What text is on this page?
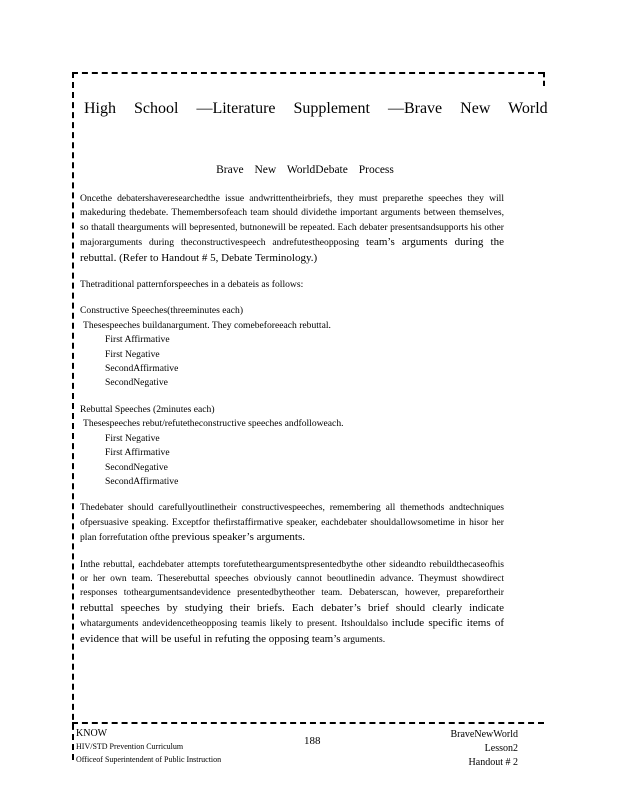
High School —Literature Supplement —Brave New World
Brave New WorldDebate Process

Oncethe debatershaveresearchedthe issue andwrittentheirbriefs, they must preparethe speeches they will makeduring thedebate. Themembersofeach team should dividethe important arguments between themselves, so thatall thearguments will bepresented, butnonewill be repeated. Each debater presentsandsupports his other majorarguments during theconstructivespeech andrefutestheopposing team’s arguments during the rebuttal. (Refer to Handout # 5, Debate Terminology.)

Thetraditional patternforspeeches in a debateis as follows:

Constructive Speeches(threeminutes each)
Thesespeeches buildanargument. They comebeforeeach rebuttal.
First Affirmative
First Negative
SecondAffirmative
SecondNegative
Rebuttal Speeches (2minutes each)
Thesespeeches rebut/refutetheconstructive speeches andfolloweach.
First Negative
First Affirmative
SecondNegative
SecondAffirmative

Thedebater should carefullyoutlinetheir constructivespeeches, remembering all themethods andtechniques ofpersuasive speaking. Exceptfor thefirstaffirmative speaker, eachdebater shouldallowsometime in hisor her plan forrefutation ofthe previous speaker’s arguments.

Inthe rebuttal, eachdebater attempts torefutetheargumentspresentedbythe other sideandto rebuildthecaseofhis or her own team. Theserebuttal speeches obviously cannot beoutlinedin advance. Theymust showdirect responses totheargumentsandevidence presentedbytheother team. Debaterscan, however, preparefortheir rebuttal speeches by studying their briefs. Each debater’s brief should clearly indicate whatarguments andevidencetheopposing teamis likely to present. Itshouldalso include specific items of evidence that will be useful in refuting the opposing team’s arguments.

KNOW
HIV/STD Prevention Curriculum
Officeof Superintendent of Public Instruction
188
BraveNewWorld
Lesson2
Handout # 2
